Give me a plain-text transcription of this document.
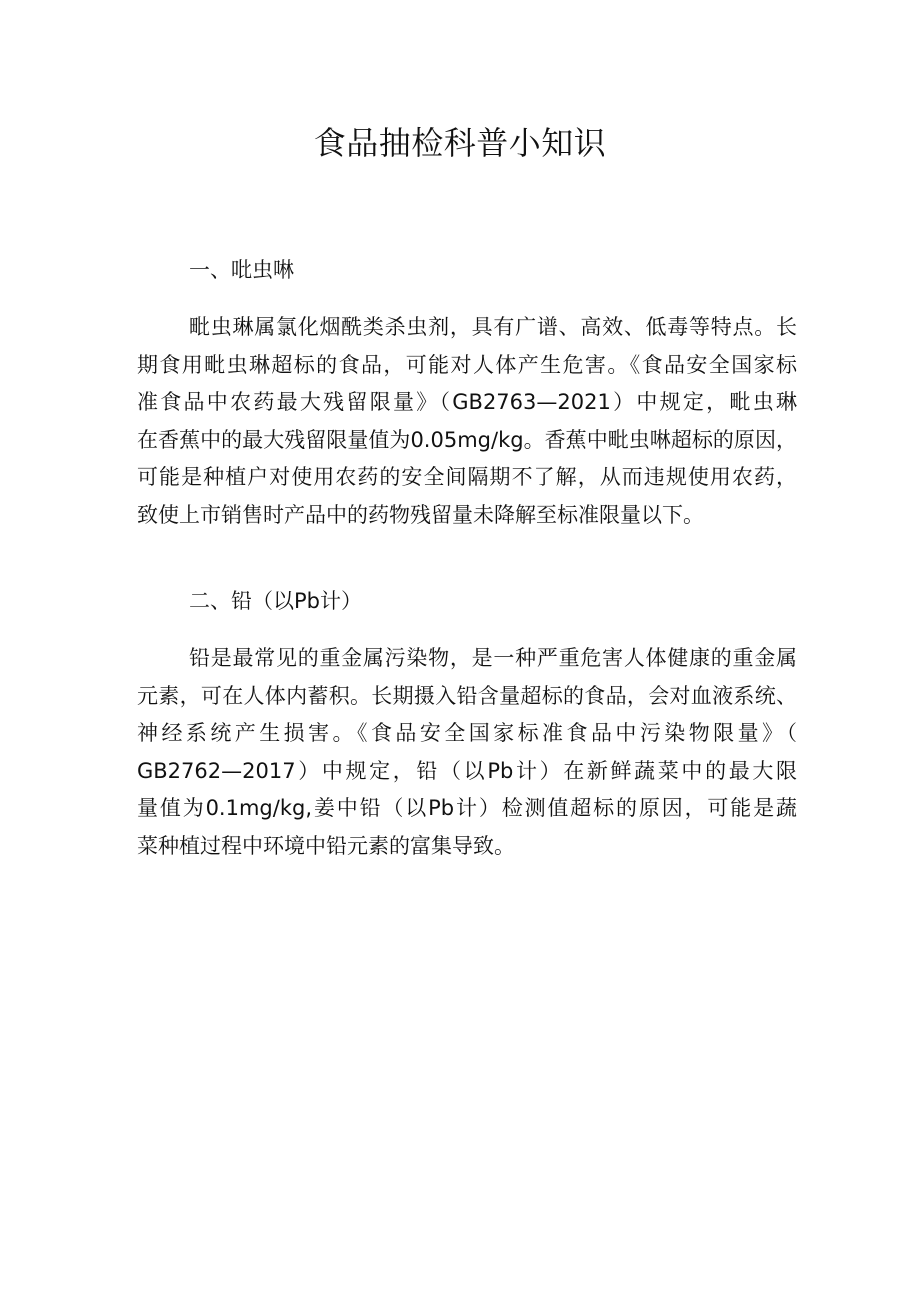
食品抽检科普小知识
一、吡虫啉

毗虫琳属氯化烟酰类杀虫剂，具有广谱、高效、低毒等特点。长
期食用毗虫琳超标的食品，可能对人体产生危害。《食品安全国家标
准食品中农药最大残留限量》（GB2763—2021）中规定，毗虫琳
在香蕉中的最大残留限量值为0.05mg∕kg。香蕉中毗虫啉超标的原因，
可能是种植户对使用农药的安全间隔期不了解，从而违规使用农药，
致使上市销售时产品中的药物残留量未降解至标准限量以下。

二、铅（以Pb计）

铅是最常见的重金属污染物，是一种严重危害人体健康的重金属
元素，可在人体内蓄积。长期摄入铅含量超标的食品，会对血液系统、
神经系统产生损害。《食品安全国家标准食品中污染物限量》（
GB2762—2017）中规定，铅（以Pb计）在新鲜蔬菜中的最大限
量值为0.1mg∕kg,姜中铅（以Pb计）检测值超标的原因，可能是蔬
菜种植过程中环境中铅元素的富集导致。
